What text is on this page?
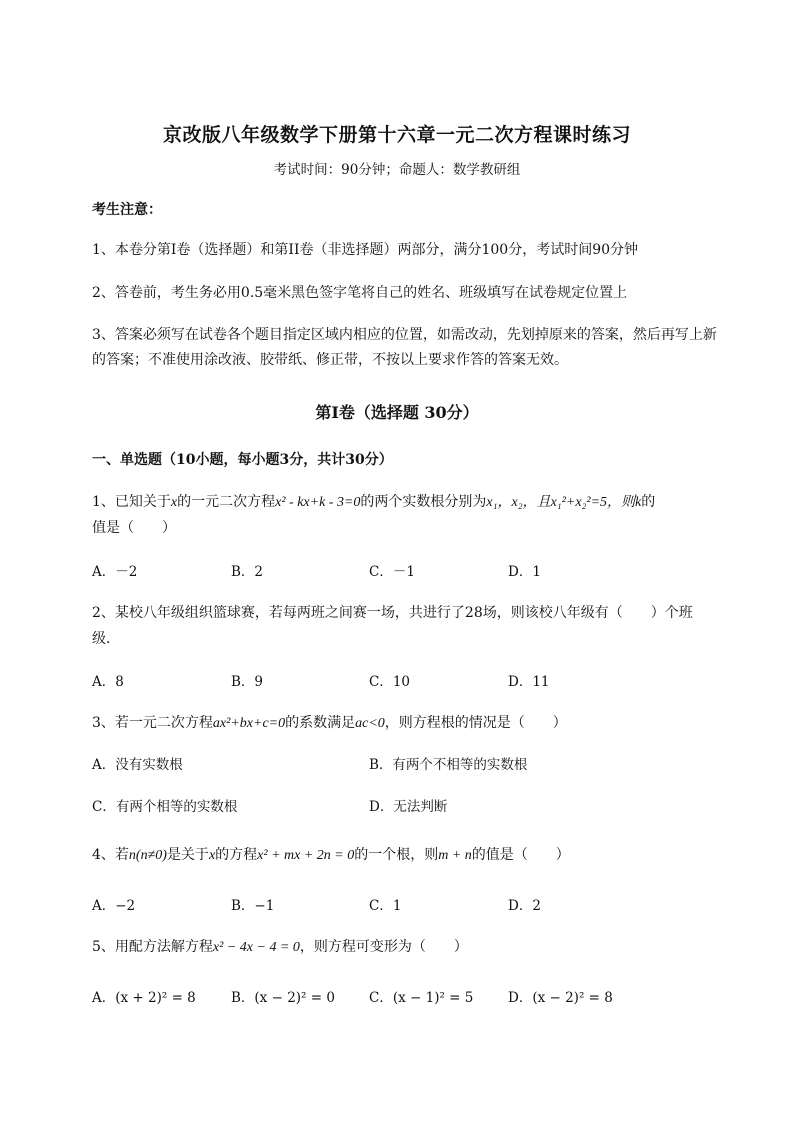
京改版八年级数学下册第十六章一元二次方程课时练习
考试时间：90分钟；命题人：数学教研组
考生注意：
1、本卷分第I卷（选择题）和第II卷（非选择题）两部分，满分100分，考试时间90分钟
2、答卷前，考生务必用0.5毫米黑色签字笔将自己的姓名、班级填写在试卷规定位置上
3、答案必须写在试卷各个题目指定区域内相应的位置，如需改动，先划掉原来的答案，然后再写上新
的答案；不准使用涂改液、胶带纸、修正带，不按以上要求作答的答案无效。
第I卷（选择题 30分）
一、单选题（10小题，每小题3分，共计30分）
1、已知关于x的一元二次方程x² - kx+k - 3=0的两个实数根分别为x₁，x₂，且x₁²+x₂²=5，则k的
值是（　　）
A．－2	B．2	C．－1	D．1
2、某校八年级组织篮球赛，若每两班之间赛一场，共进行了28场，则该校八年级有（　　）个班
级．
A．8	B．9	C．10	D．11
3、若一元二次方程ax²+bx+c=0的系数满足ac<0，则方程根的情况是（　　）
A．没有实数根	B．有两个不相等的实数根
C．有两个相等的实数根	D．无法判断
4、若n(n≠0)是关于x的方程x² + mx + 2n = 0的一个根，则m + n的值是（　　）
A．−2	B．−1	C．1	D．2
5、用配方法解方程x² − 4x − 4 = 0，则方程可变形为（　　）
A．(x + 2)² = 8	B．(x − 2)² = 0	C．(x − 1)² = 5	D．(x − 2)² = 8
